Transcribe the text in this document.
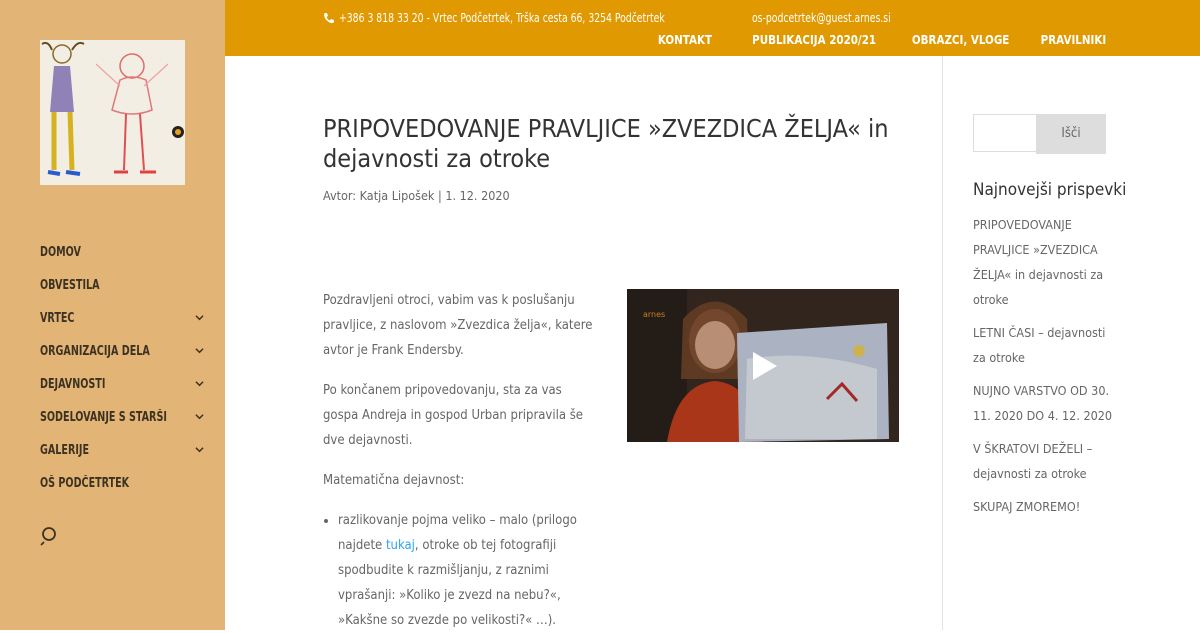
DOMOV
OBVESTILA
VRTEC
ORGANIZACIJA DELA
DEJAVNOSTI
SODELOVANJE S STARŠI
GALERIJE
OŠ PODČETRTEK
+386 3 818 33 20 - Vrtec Podčetrtek, Trška cesta 66, 3254 Podčetrtek	os-podcetrtek@guest.arnes.si
KONTAKT	PUBLIKACIJA 2020/21	OBRAZCI, VLOGE	PRAVILNIKI
PRIPOVEDOVANJE PRAVLJICE »ZVEZDICA ŽELJA« in dejavnosti za otroke
Avtor: Katja Lipošek | 1. 12. 2020

Pozdravljeni otroci, vabim vas k poslušanju pravljice, z naslovom »Zvezdica želja«, katere avtor je Frank Endersby.

Po končanem pripovedovanju, sta za vas gospa Andreja in gospod Urban pripravila še dve dejavnosti.

Matematična dejavnost:

• razlikovanje pojma veliko – malo (prilogo najdete tukaj, otroke ob tej fotografiji spodbudite k razmišljanju, z raznimi vprašanji: »Koliko je zvezd na nebu?«, »Kakšne so zvezde po velikosti?« …).
arnes
Išči
Najnovejši prispevki
PRIPOVEDOVANJE PRAVLJICE »ZVEZDICA ŽELJA« in dejavnosti za otroke
LETNI ČASI – dejavnosti za otroke
NUJNO VARSTVO OD 30. 11. 2020 DO 4. 12. 2020
V ŠKRATOVI DEŽELI – dejavnosti za otroke
SKUPAJ ZMOREMO!
